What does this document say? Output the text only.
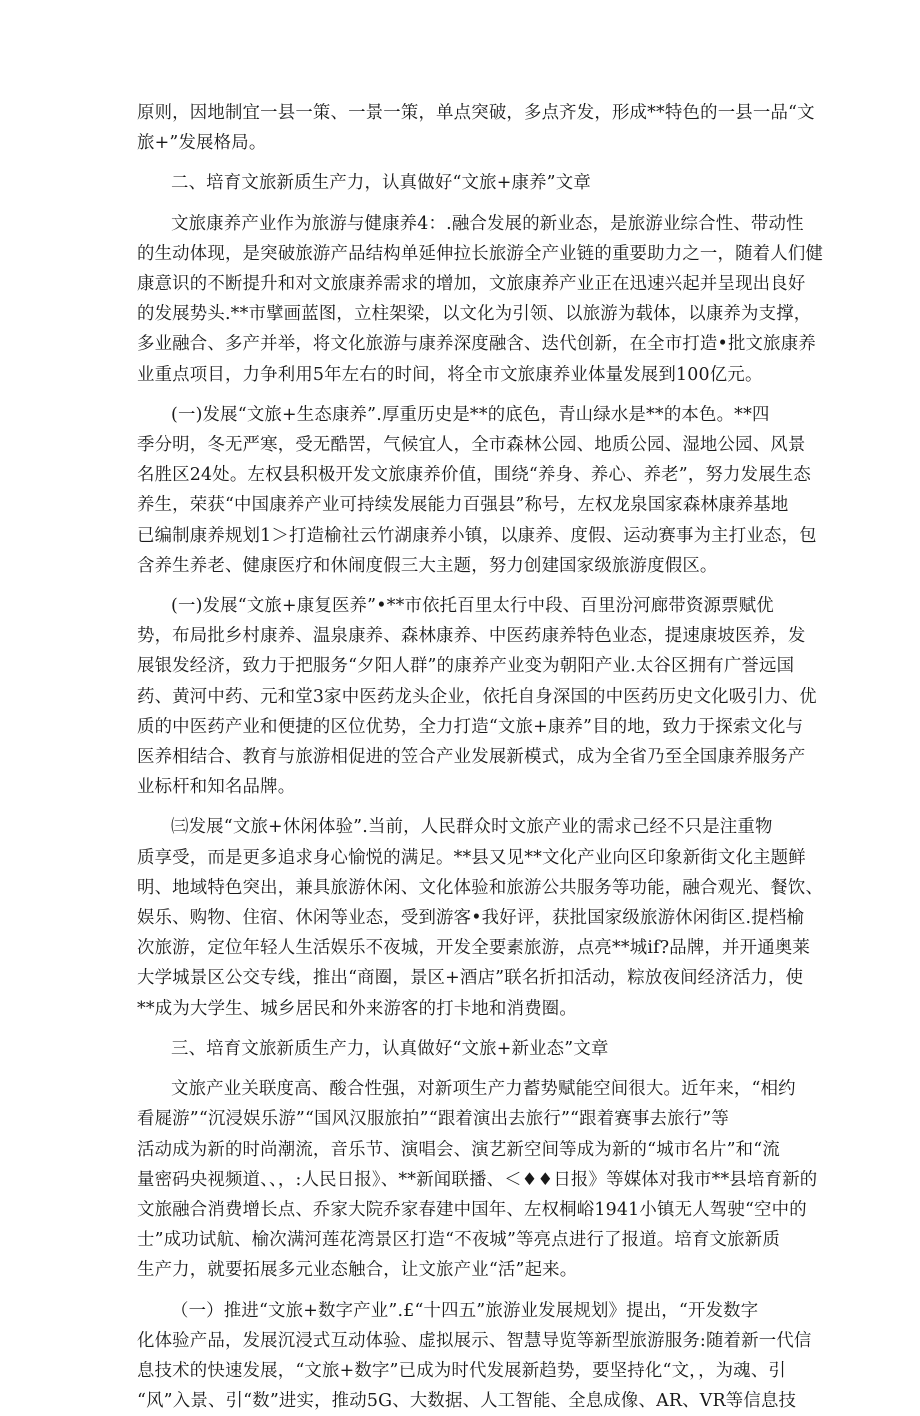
原则，因地制宜一县一策、一景一策，单点突破，多点齐发，形成**特色的一县一品“文
旅+”发展格局。

二、培育文旅新质生产力，认真做好“文旅+康养”文章

文旅康养产业作为旅游与健康养4：.融合发展的新业态，是旅游业综合性、带动性
的生动体现，是突破旅游产品结构单延伸拉长旅游全产业链的重要助力之一，随着人们健
康意识的不断提升和对文旅康养需求的增加，文旅康养产业正在迅速兴起并呈现出良好
的发展势头.**市擘画蓝图，立柱架梁，以文化为引领、以旅游为载体，以康养为支撑，
多业融合、多产并举，将文化旅游与康养深度融含、迭代创新，在全市打造•批文旅康养
业重点项目，力争利用5年左右的时间，将全市文旅康养业体量发展到100亿元。

(一)发展“文旅+生态康养”.厚重历史是**的底色，青山绿水是**的本色。**四
季分明，冬无严寒，受无酷罟，气候宜人，全市森林公园、地质公园、湿地公园、风景
名胜区24处。左权县积极开发文旅康养价值，围绕“养身、养心、养老”，努力发展生态
养生，荣获“中国康养产业可持续发展能力百强县”称号，左权龙泉国家森林康养基地
已编制康养规划1＞打造榆社云竹湖康养小镇，以康养、度假、运动赛事为主打业态，包
含养生养老、健康医疗和休闹度假三大主题，努力创建国家级旅游度假区。

(一)发展“文旅+康复医养”•**市依托百里太行中段、百里汾河廊带资源票赋优
势，布局批乡村康养、温泉康养、森林康养、中医药康养特色业态，提速康坡医养，发
展银发经济，致力于把服务“夕阳人群”的康养产业变为朝阳产业.太谷区拥有广誉远国
药、黄河中药、元和堂3家中医药龙头企业，依托自身深国的中医药历史文化吸引力、优
质的中医药产业和便捷的区位优势，全力打造“文旅+康养”目的地，致力于探索文化与
医养相结合、教育与旅游相促进的笠合产业发展新模式，成为全省乃至全国康养服务产
业标杆和知名品牌。

㈢发展“文旅+休闲体验”.当前，人民群众时文旅产业的需求己经不只是注重物
质享受，而是更多追求身心愉悦的满足。**县又见**文化产业向区印象新街文化主题鲜
明、地域特色突出，兼具旅游休闲、文化体验和旅游公共服务等功能，融合观光、餐饮、
娱乐、购物、住宿、休闲等业态，受到游客•我好评，获批国家级旅游休闲街区.提档榆
次旅游，定位年轻人生活娱乐不夜城，开发全要素旅游，点亮**城if?品牌，并开通奥莱
大学城景区公交专线，推出“商圈，景区+酒店”联名折扣活动，粽放夜间经济活力，使
**成为大学生、城乡居民和外来游客的打卡地和消费圈。

三、培育文旅新质生产力，认真做好“文旅+新业态”文章

文旅产业关联度高、酸合性强，对新项生产力蓄势赋能空间很大。近年来，“相约
看屣游”“沉浸娱乐游”“国风汉服旅拍”“跟着演出去旅行”“跟着赛事去旅行”等
活动成为新的时尚潮流，音乐节、演唱会、演艺新空间等成为新的“城市名片”和“流
量密码央视频道、、，:人民日报》、**新闻联播、＜♦♦日报》等媒体对我市**县培育新的
文旅融合消费增长点、乔家大院乔家春建中国年、左权桐峪1941小镇无人驾驶“空中的
士”成功试航、榆次满河莲花湾景区打造“不夜城”等亮点进行了报道。培育文旅新质
生产力，就要拓展多元业态触合，让文旅产业“活”起来。

（一）推进“文旅+数字产业”.£“十四五”旅游业发展规划》提出，“开发数字
化体验产品，发展沉浸式互动体验、虚拟展示、智慧导览等新型旅游服务:随着新一代信
息技术的快速发展，“文旅+数字”已成为时代发展新趋势，要坚持化“文，，为魂、引
“风”入景、引“数”进实，推动5G、大数据、人工智能、全息成像、AR、VR等信息技
